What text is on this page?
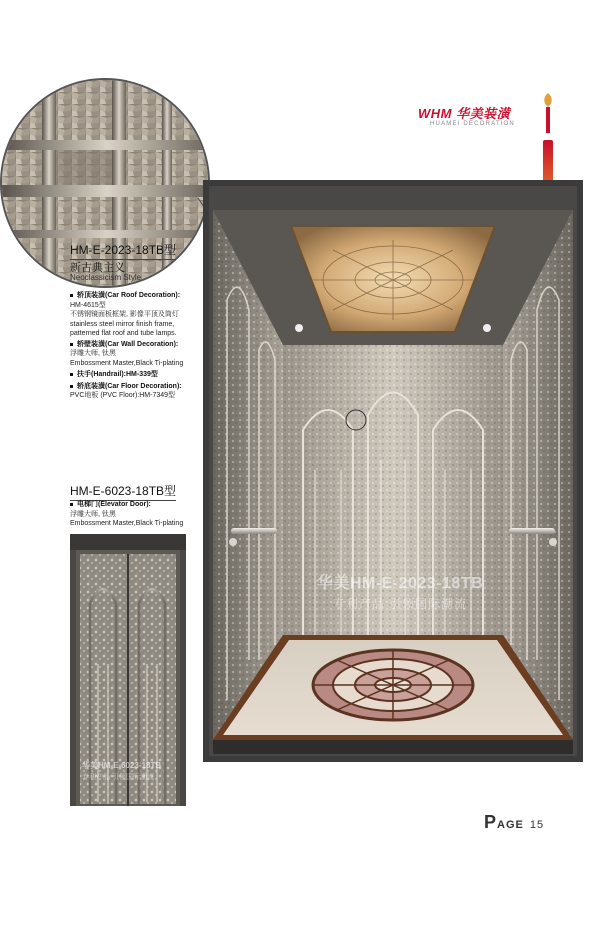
WHM 华美装潢
HUAMEI DECORATION
HM-E-2023-18TB型
新古典主义
Neoclassicism Style
轿顶装潢(Car Roof Decoration):
HM-4615型
不锈钢镜面板框架, 影像平顶及筒灯
stainless steel mirror finish frame,
patterned flat roof and tube lamps.
轿壁装潢(Car Wall Decoration):
浮雕大师, 钛黑
Embossment Master,Black Ti-plating
扶手(Handrail):HM-339型
轿底装潢(Car Floor Decoration):
PVC地板 (PVC Floor):HM-7349型
HM-E-6023-18TB型
电梯门(Elevator Door):
浮雕大师, 钛黑
Embossment Master,Black Ti-plating
华美HM-E-6023-18TB
专利产品 引领国际潮流
华美HM-E-2023-18TB
专利产品 引领国际潮流
PAGE 15
